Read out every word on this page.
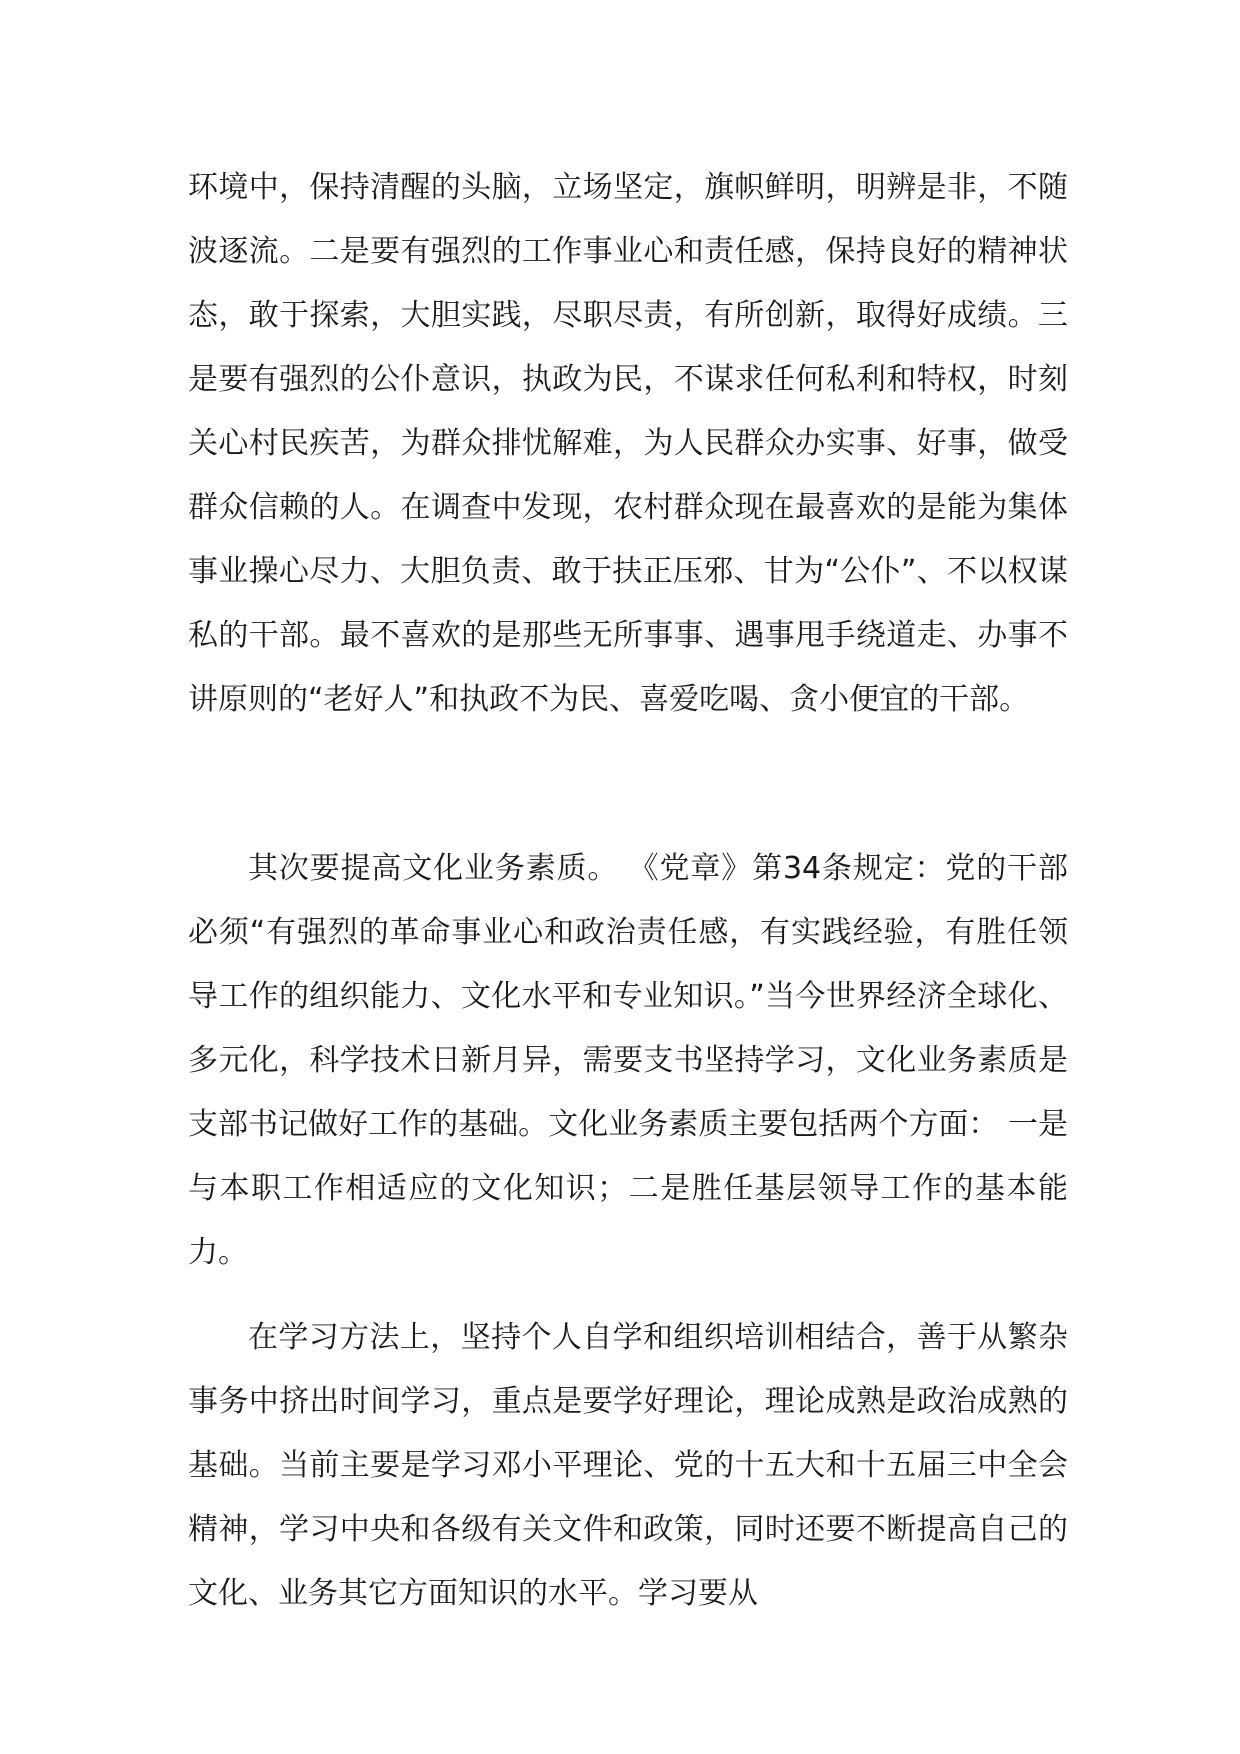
环境中，保持清醒的头脑，立场坚定，旗帜鲜明，明辨是非，不随波逐流。二是要有强烈的工作事业心和责任感，保持良好的精神状态，敢于探索，大胆实践，尽职尽责，有所创新，取得好成绩。三是要有强烈的公仆意识，执政为民，不谋求任何私利和特权，时刻关心村民疾苦，为群众排忧解难，为人民群众办实事、好事，做受群众信赖的人。在调查中发现，农村群众现在最喜欢的是能为集体事业操心尽力、大胆负责、敢于扶正压邪、甘为“公仆”、不以权谋私的干部。最不喜欢的是那些无所事事、遇事甩手绕道走、办事不讲原则的“老好人”和执政不为民、喜爱吃喝、贪小便宜的干部。

其次要提高文化业务素质。 《党章》第34条规定：党的干部必须“有强烈的革命事业心和政治责任感，有实践经验，有胜任领导工作的组织能力、文化水平和专业知识。”当今世界经济全球化、多元化，科学技术日新月异，需要支书坚持学习，文化业务素质是支部书记做好工作的基础。文化业务素质主要包括两个方面： 一是与本职工作相适应的文化知识；二是胜任基层领导工作的基本能力。

在学习方法上，坚持个人自学和组织培训相结合，善于从繁杂事务中挤出时间学习，重点是要学好理论，理论成熟是政治成熟的基础。当前主要是学习邓小平理论、党的十五大和十五届三中全会精神，学习中央和各级有关文件和政策，同时还要不断提高自己的文化、业务其它方面知识的水平。学习要从
